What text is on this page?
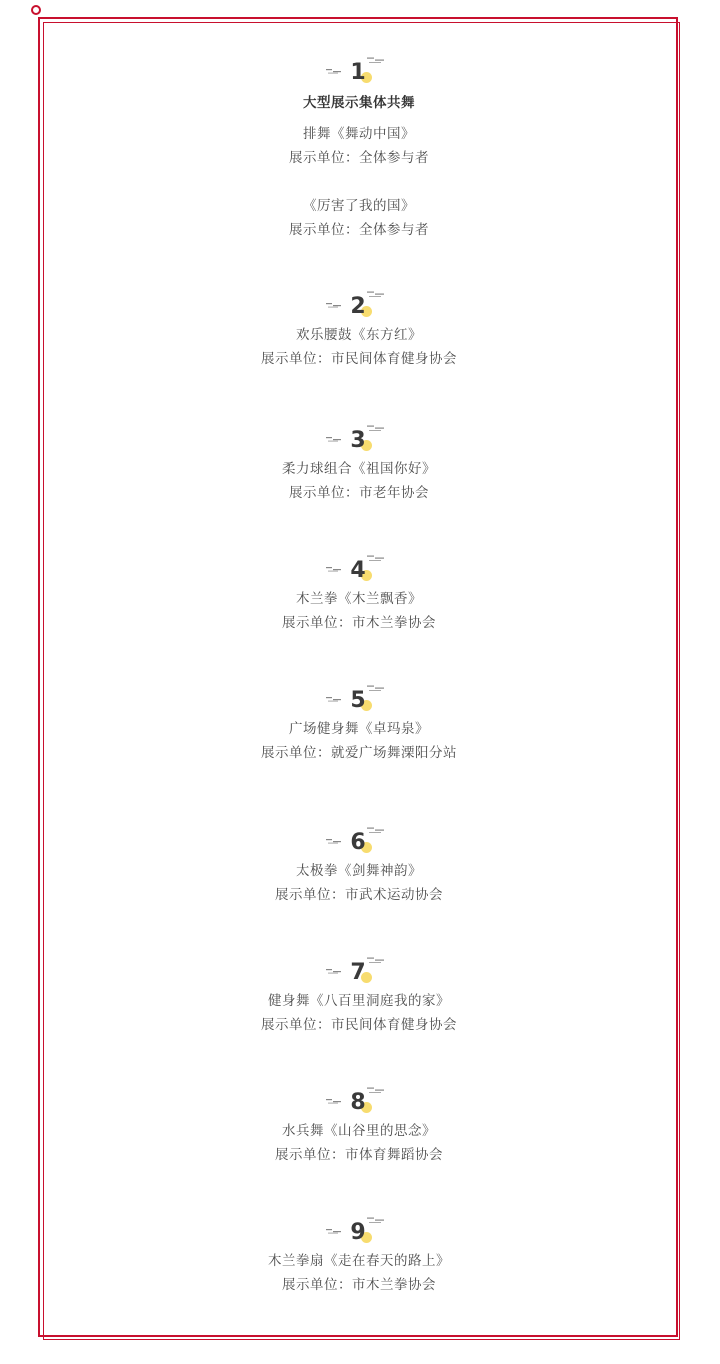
1
大型展示集体共舞
排舞《舞动中国》
展示单位：全体参与者
《厉害了我的国》
展示单位：全体参与者
2
欢乐腰鼓《东方红》
展示单位：市民间体育健身协会
3
柔力球组合《祖国你好》
展示单位：市老年协会
4
木兰拳《木兰飘香》
展示单位：市木兰拳协会
5
广场健身舞《卓玛泉》
展示单位：就爱广场舞溧阳分站
6
太极拳《剑舞神韵》
展示单位：市武术运动协会
7
健身舞《八百里洞庭我的家》
展示单位：市民间体育健身协会
8
水兵舞《山谷里的思念》
展示单位：市体育舞蹈协会
9
木兰拳扇《走在春天的路上》
展示单位：市木兰拳协会
